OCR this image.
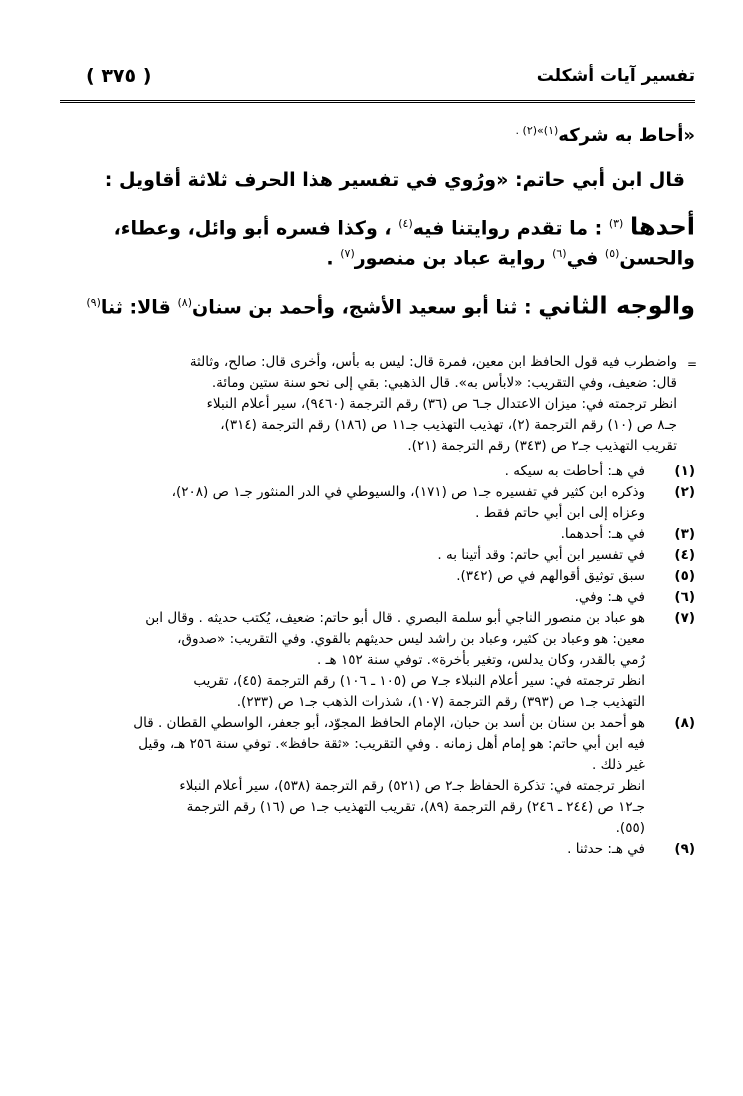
تفسير آيات أشكلت
( ٣٧٥ )
«أحاط به شركه$^{(١)»(٢) .}$
قال ابن أبي حاتم: «ورُوي في تفسير هذا الحرف ثلاثة أقاويل :
أحدها $^{(٣)}$ : ما تقدم روايتنا فيه$^{(٤)}$ ، وكذا فسره أبو وائل، وعطاء،
والحسن$^{(٥)}$ في$^{(٦)}$ رواية عباد بن منصور$^{(٧)}$ .
والوجه الثاني : ثنا أبو سعيد الأشج، وأحمد بن سنان$^{(٨)}$ قالا: ثنا$^{(٩)}$
=
واضطرب فيه قول الحافظ ابن معين، فمرة قال: ليس به بأس، وأخرى قال: صالح، وثالثة
قال: ضعيف، وفي التقريب: «لابأس به». قال الذهبي: بقي إلى نحو سنة ستين ومائة.
انظر ترجمته في: ميزان الاعتدال جـ٦ ص (٣٦) رقم الترجمة (٩٤٦٠)، سير أعلام النبلاء
جـ٨ ص (١٠) رقم الترجمة (٢)، تهذيب التهذيب جـ١١ ص (١٨٦) رقم الترجمة (٣١٤)،
تقريب التهذيب جـ٢ ص (٣٤٣) رقم الترجمة (٢١).
(١)
في هـ: أحاطت به سيكه .
(٢)
وذكره ابن كثير في تفسيره جـ١ ص (١٧١)، والسيوطي في الدر المنثور جـ١ ص (٢٠٨)،
وعزاه إلى ابن أبي حاتم فقط .
(٣)
في هـ: أحدهما.
(٤)
في تفسير ابن أبي حاتم: وقد أتينا به .
(٥)
سبق توثيق أقوالهم في ص (٣٤٢).
(٦)
في هـ: وفي.
(٧)
هو عباد بن منصور الناجي أبو سلمة البصري . قال أبو حاتم: ضعيف، يُكتب حديثه . وقال ابن
معين: هو وعباد بن كثير، وعباد بن راشد ليس حديثهم بالقوي. وفي التقريب: «صدوق،
رُمي بالقدر، وكان يدلس، وتغير بأخرة». توفي سنة ١٥٢ هـ .
انظر ترجمته في: سير أعلام النبلاء جـ٧ ص (١٠٥ ـ ١٠٦) رقم الترجمة (٤٥)، تقريب
التهذيب جـ١ ص (٣٩٣) رقم الترجمة (١٠٧)، شذرات الذهب جـ١ ص (٢٣٣).
(٨)
هو أحمد بن سنان بن أسد بن حبان، الإمام الحافظ المجوّد، أبو جعفر، الواسطي القطان . قال
فيه ابن أبي حاتم: هو إمام أهل زمانه . وفي التقريب: «ثقة حافظ». توفي سنة ٢٥٦ هـ، وقيل
غير ذلك .
انظر ترجمته في: تذكرة الحفاظ جـ٢ ص (٥٢١) رقم الترجمة (٥٣٨)، سير أعلام النبلاء
جـ١٢ ص (٢٤٤ ـ ٢٤٦) رقم الترجمة (٨٩)، تقريب التهذيب جـ١ ص (١٦) رقم الترجمة
(٥٥).
(٩)
في هـ: حدثنا .
